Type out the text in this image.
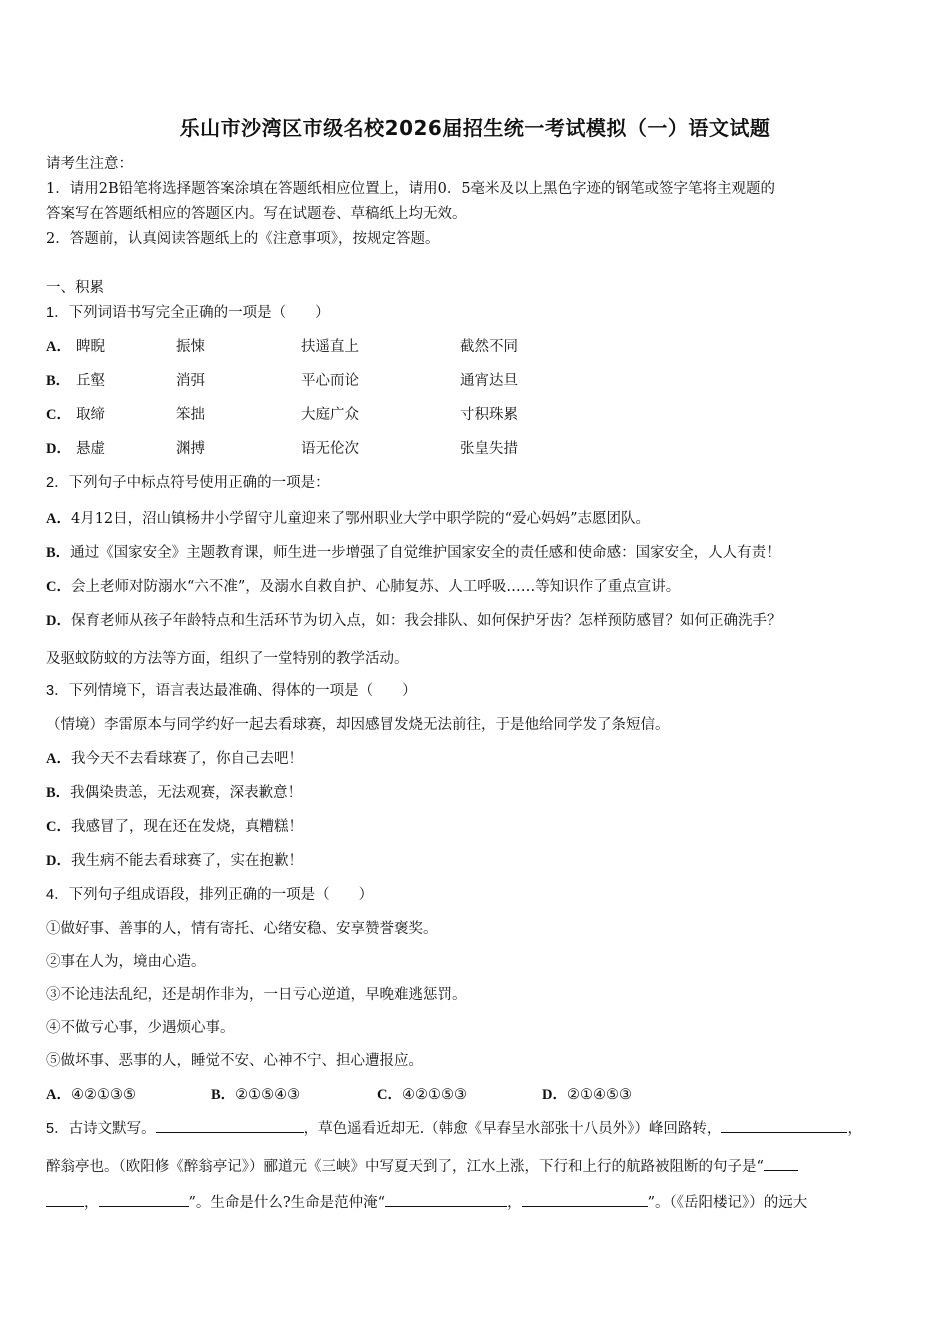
乐山市沙湾区市级名校2026届招生统一考试模拟（一）语文试题
请考生注意：
1．请用2B铅笔将选择题答案涂填在答题纸相应位置上，请用0．5毫米及以上黑色字迹的钢笔或签字笔将主观题的
答案写在答题纸相应的答题区内。写在试题卷、草稿纸上均无效。
2．答题前，认真阅读答题纸上的《注意事项》，按规定答题。
一、积累
1．下列词语书写完全正确的一项是（　　）
A． 睥睨	振悚	扶遥直上	截然不同
B． 丘壑	消弭	平心而论	通宵达旦
C． 取缔	笨拙	大庭广众	寸积珠累
D． 悬虚	渊搏	语无伦次	张皇失措
2．下列句子中标点符号使用正确的一项是：
A．4月12日，沼山镇杨井小学留守儿童迎来了鄂州职业大学中职学院的“爱心妈妈”志愿团队。
B．通过《国家安全》主题教育课，师生进一步增强了自觉维护国家安全的责任感和使命感：国家安全，人人有责！
C．会上老师对防溺水“六不准”，及溺水自救自护、心肺复苏、人工呼吸……等知识作了重点宣讲。
D．保育老师从孩子年龄特点和生活环节为切入点，如：我会排队、如何保护牙齿？怎样预防感冒？如何正确洗手？
及驱蚊防蚊的方法等方面，组织了一堂特别的教学活动。
3．下列情境下，语言表达最准确、得体的一项是（　　）
（情境）李雷原本与同学约好一起去看球赛，却因感冒发烧无法前往，于是他给同学发了条短信。
A．我今天不去看球赛了，你自己去吧！
B．我偶染贵恙，无法观赛，深表歉意！
C．我感冒了，现在还在发烧，真糟糕！
D．我生病不能去看球赛了，实在抱歉！
4．下列句子组成语段，排列正确的一项是（　　）
①做好事、善事的人，情有寄托、心绪安稳、安享赞誉褒奖。
②事在人为，境由心造。
③不论违法乱纪，还是胡作非为，一日亏心逆道，早晚难逃惩罚。
④不做亏心事，少遇烦心事。
⑤做坏事、恶事的人，睡觉不安、心神不宁、担心遭报应。
A．④②①③⑤	B．②①⑤④③	C．④②①⑤③	D．②①④⑤③
5．古诗文默写。	，草色遥看近却无.（韩愈《早春呈水部张十八员外》）峰回路转，	，
醉翁亭也。（欧阳修《醉翁亭记》）郦道元《三峡》中写夏天到了，江水上涨，下行和上行的航路被阻断的句子是“
，	”。生命是什么?生命是范仲淹“	，	”。（《岳阳楼记》）的远大
